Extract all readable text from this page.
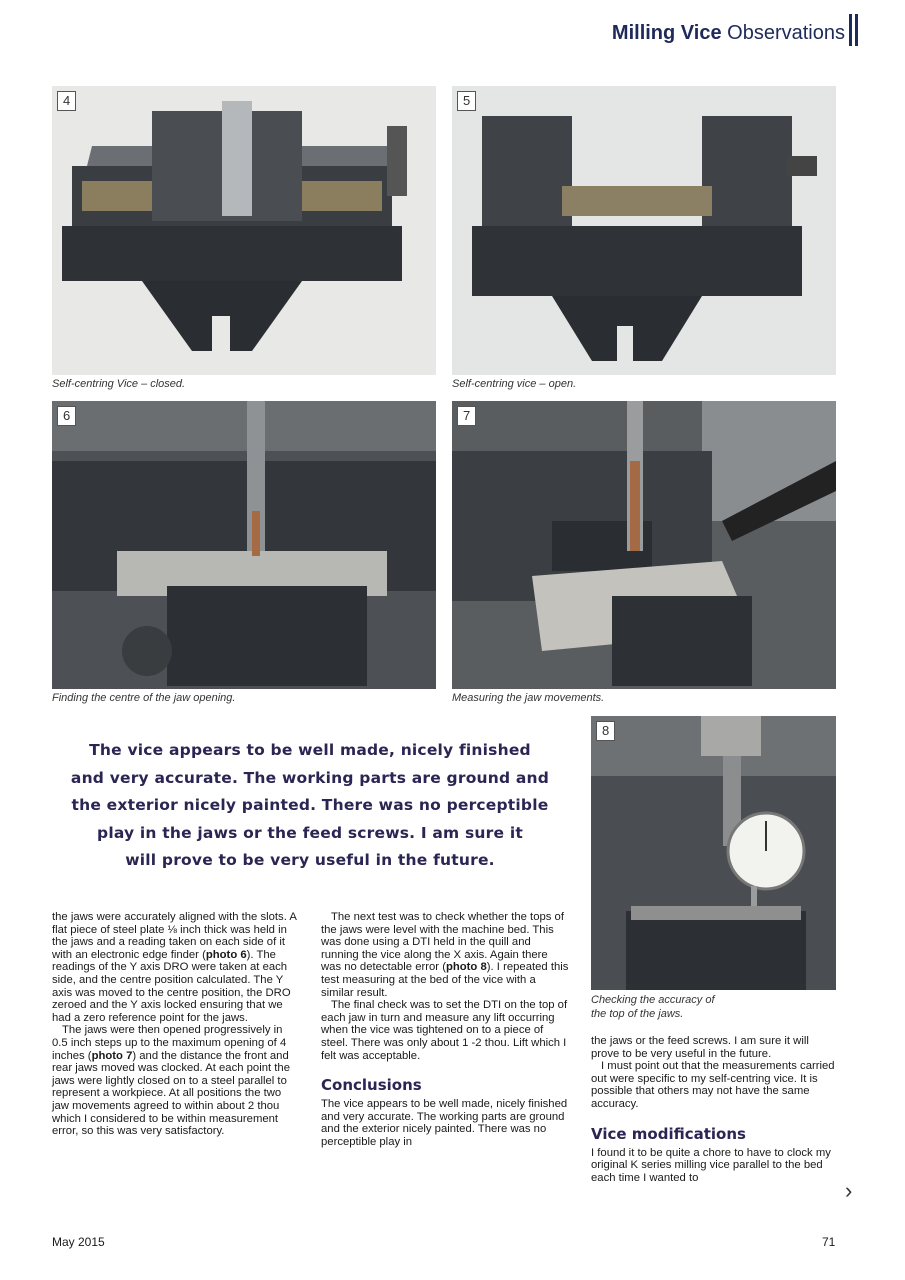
Milling Vice Observations
4
Self-centring Vice – closed.
5
Self-centring vice – open.
6
Finding the centre of the jaw opening.
7
Measuring the jaw movements.
The vice appears to be well made, nicely finished
and very accurate. The working parts are ground and
the exterior nicely painted. There was no perceptible
play in the jaws or the feed screws. I am sure it
will prove to be very useful in the future.
8
Checking the accuracy of
the top of the jaws.

the jaws were accurately aligned with the slots. A flat piece of steel plate ⅛ inch thick was held in the jaws and a reading taken on each side of it with an electronic edge finder (photo 6). The readings of the Y axis DRO were taken at each side, and the centre position calculated. The Y axis was moved to the centre position, the DRO zeroed and the Y axis locked ensuring that we had a zero reference point for the jaws.

The jaws were then opened progressively in 0.5 inch steps up to the maximum opening of 4 inches (photo 7) and the distance the front and rear jaws moved was clocked. At each point the jaws were lightly closed on to a steel parallel to represent a workpiece. At all positions the two jaw movements agreed to within about 2 thou which I considered to be within measurement error, so this was very satisfactory.

The next test was to check whether the tops of the jaws were level with the machine bed. This was done using a DTI held in the quill and running the vice along the X axis. Again there was no detectable error (photo 8). I repeated this test measuring at the bed of the vice with a similar result.

The final check was to set the DTI on the top of each jaw in turn and measure any lift occurring when the vice was tightened on to a piece of steel. There was only about 1 -2 thou. Lift which I felt was acceptable.

Conclusions

The vice appears to be well made, nicely finished and very accurate. The working parts are ground and the exterior nicely painted. There was no perceptible play in

the jaws or the feed screws. I am sure it will prove to be very useful in the future.

I must point out that the measurements carried out were specific to my self-centring vice. It is possible that others may not have the same accuracy.

Vice modifications

I found it to be quite a chore to have to clock my original K series milling vice parallel to the bed each time I wanted to

›
May 2015	71
